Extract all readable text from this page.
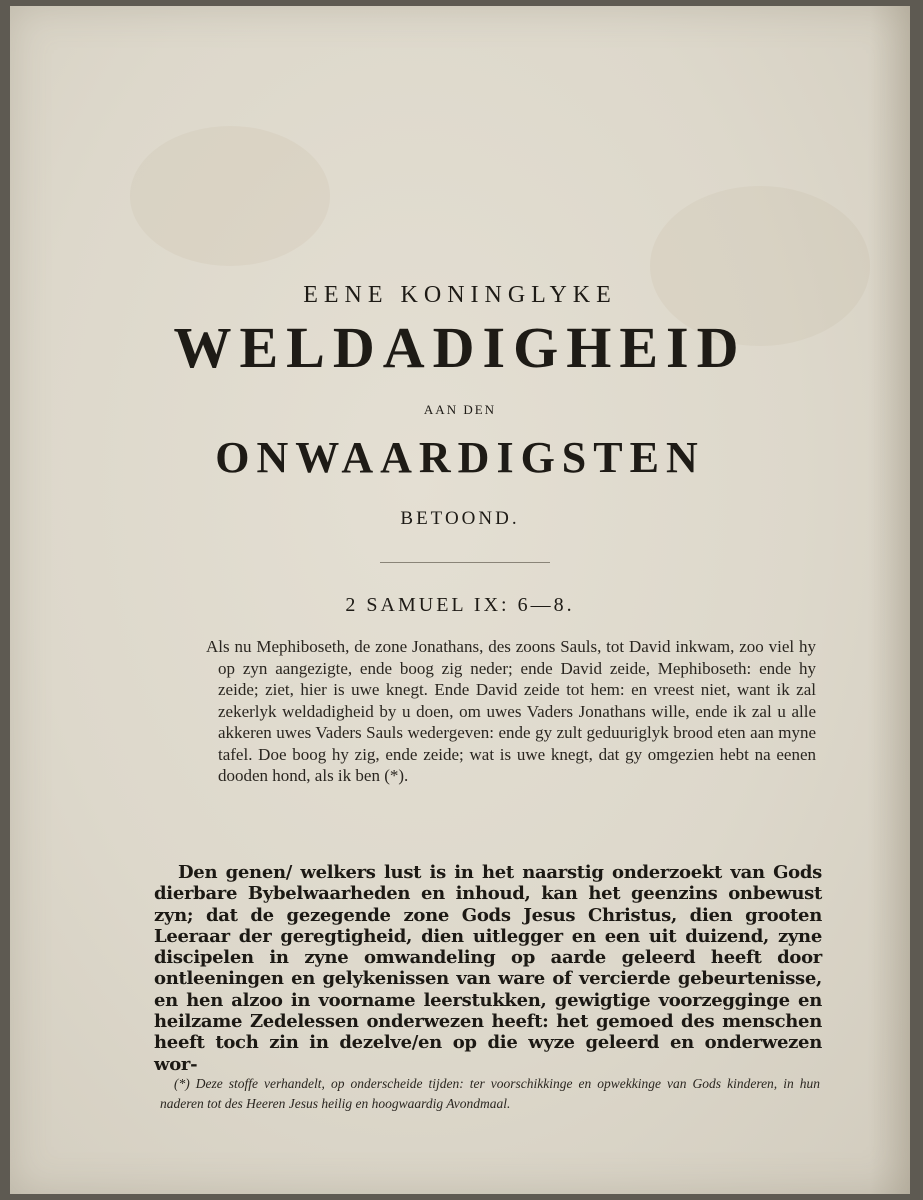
EENE KONINGLYKE
WELDADIGHEID
AAN DEN
ONWAARDIGSTEN
BETOOND.
2 SAMUEL IX: 6—8.
Als nu Mephiboseth, de zone Jonathans, des zoons Sauls, tot David inkwam, zoo viel hy op zyn aangezigte, ende boog zig neder; ende David zeide, Mephiboseth: ende hy zeide; ziet, hier is uwe knegt. Ende David zeide tot hem: en vreest niet, want ik zal zekerlyk weldadigheid by u doen, om uwes Vaders Jonathans wille, ende ik zal u alle akkeren uwes Vaders Sauls wedergeven: ende gy zult geduuriglyk brood eten aan myne tafel. Doe boog hy zig, ende zeide; wat is uwe knegt, dat gy omgezien hebt na eenen dooden hond, als ik ben (*).
Den genen/ welkers lust is in het naarstig onderzoekt van Gods dierbare Bybelwaarheden en inhoud, kan het geenzins onbewust zyn; dat de gezegende zone Gods Jesus Christus, dien grooten Leeraar der geregtigheid, dien uitlegger en een uit duizend, zyne discipelen in zyne omwandeling op aarde geleerd heeft door ontleeningen en gelykenissen van ware of vercierde gebeurtenisse, en hen alzoo in voorname leerstukken, gewigtige voorzegginge en heilzame Zedelessen onderwezen heeft: het gemoed des menschen heeft toch zin in dezelve/en op die wyze geleerd en onderwezen wor-
(*) Deze stoffe verhandelt, op onderscheide tijden: ter voorschikkinge en opwekkinge van Gods kinderen, in hun naderen tot des Heeren Jesus heilig en hoogwaardig Avondmaal.
